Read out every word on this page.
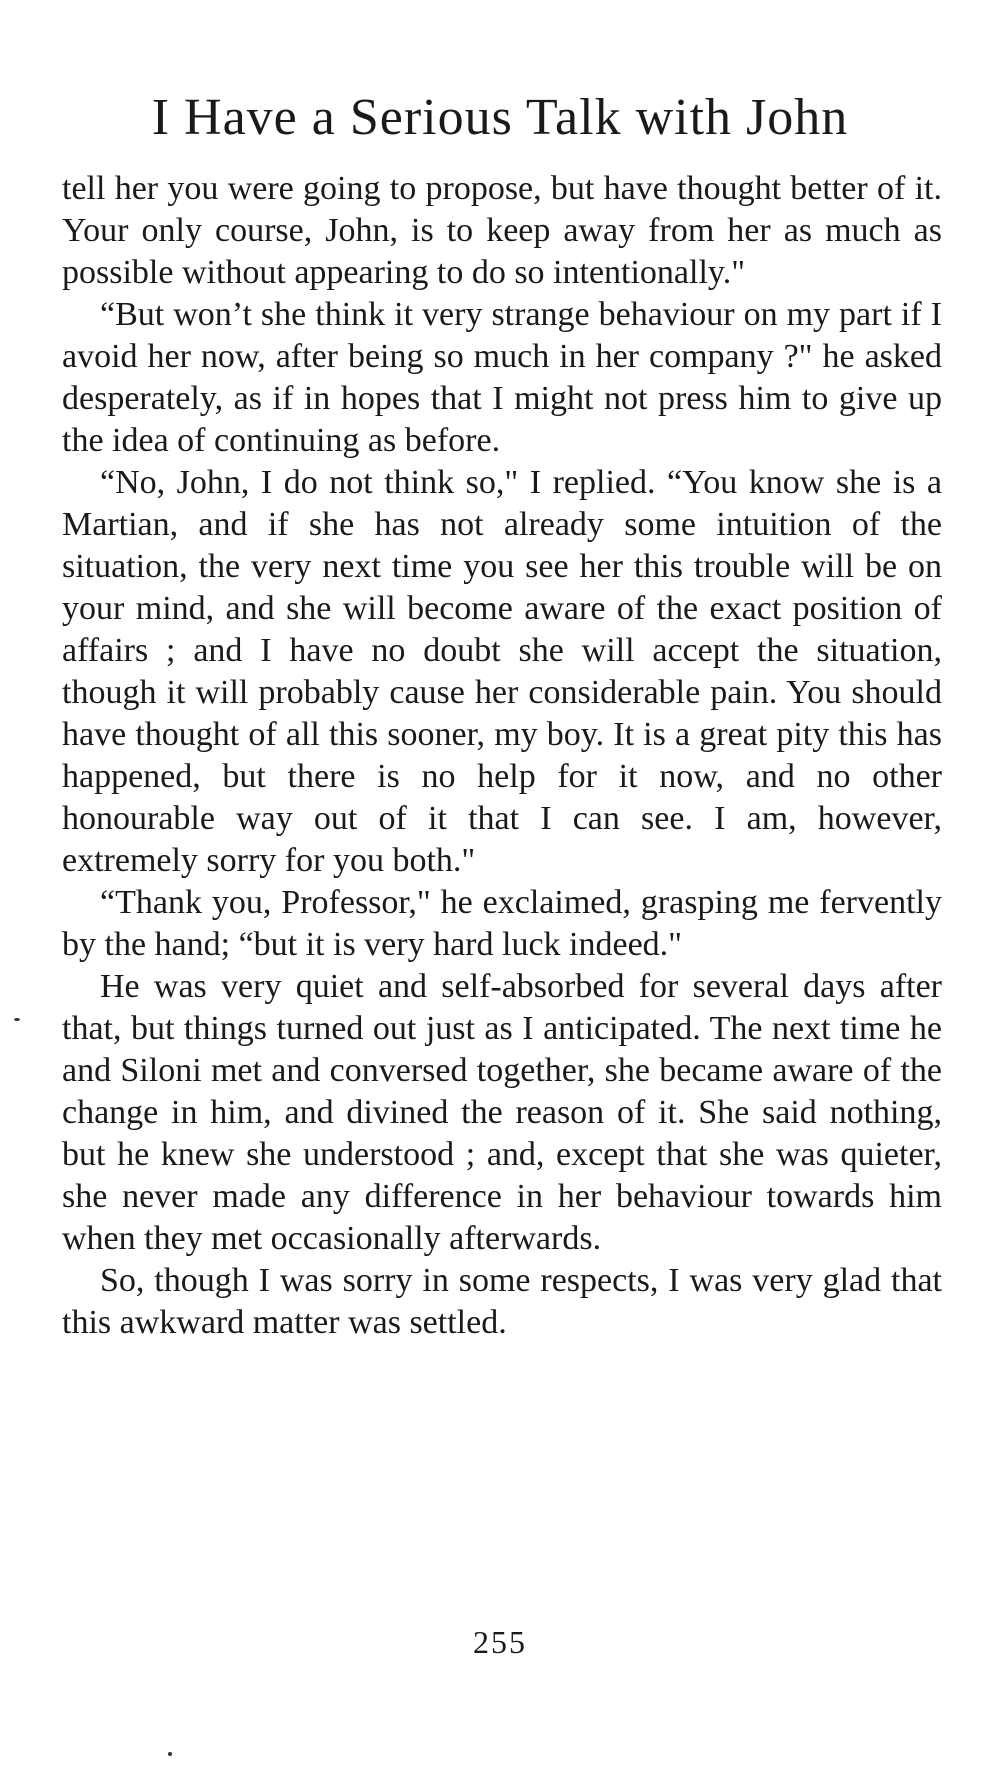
I Have a Serious Talk with John

tell her you were going to propose, but have thought better of it. Your only course, John, is to keep away from her as much as possible without appearing to do so intentionally."

“But won’t she think it very strange behaviour on my part if I avoid her now, after being so much in her company ?" he asked desperately, as if in hopes that I might not press him to give up the idea of continuing as before.

“No, John, I do not think so," I replied. “You know she is a Martian, and if she has not already some intuition of the situation, the very next time you see her this trouble will be on your mind, and she will become aware of the exact position of affairs ; and I have no doubt she will accept the situation, though it will probably cause her considerable pain. You should have thought of all this sooner, my boy. It is a great pity this has happened, but there is no help for it now, and no other honourable way out of it that I can see. I am, however, extremely sorry for you both."

“Thank you, Professor," he exclaimed, grasping me fervently by the hand; “but it is very hard luck indeed."

He was very quiet and self-absorbed for several days after that, but things turned out just as I anticipated. The next time he and Siloni met and conversed together, she became aware of the change in him, and divined the reason of it. She said nothing, but he knew she understood ; and, except that she was quieter, she never made any difference in her behaviour towards him when they met occasionally afterwards.

So, though I was sorry in some respects, I was very glad that this awkward matter was settled.

255
